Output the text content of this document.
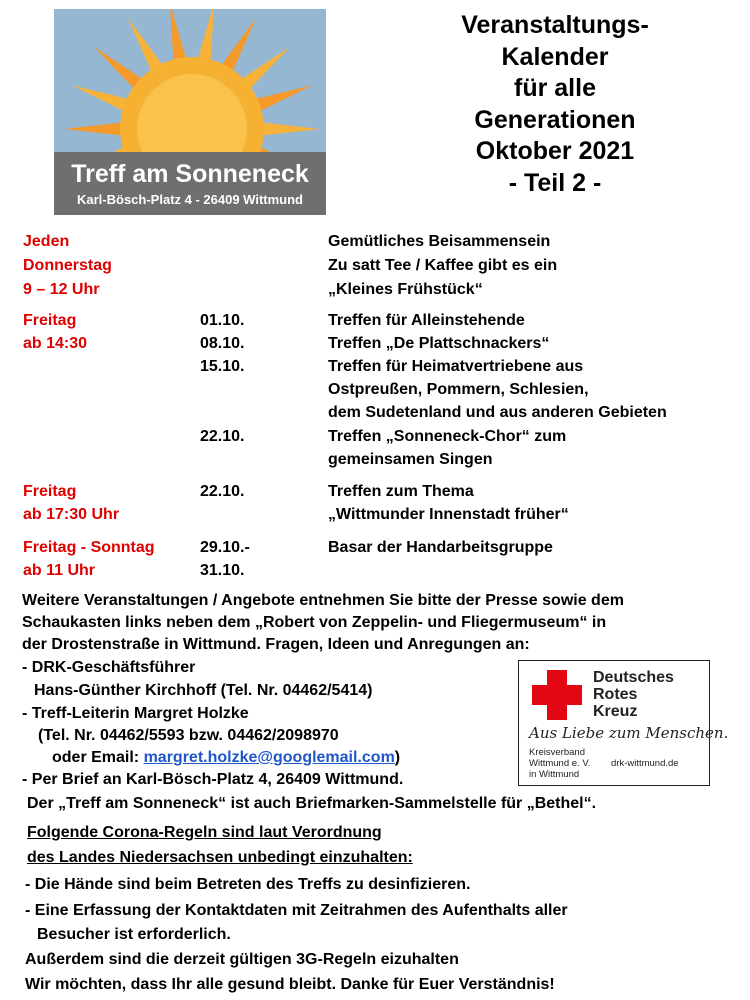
Treff am Sonneneck
Karl-Bösch-Platz 4 - 26409 Wittmund
Veranstaltungs-
Kalender
für alle
Generationen
Oktober 2021
- Teil 2 -
Jeden
Donnerstag
9 – 12 Uhr
Gemütliches Beisammensein
Zu satt Tee / Kaffee gibt es ein
„Kleines Frühstück“
Freitag
ab 14:30
01.10.
08.10.
15.10.
22.10.
Treffen für Alleinstehende
Treffen „De Plattschnackers“
Treffen für Heimatvertriebene aus
Ostpreußen, Pommern, Schlesien,
dem Sudetenland und aus anderen Gebieten
Treffen „Sonneneck-Chor“ zum
gemeinsamen Singen
Freitag
ab 17:30 Uhr
22.10.	Treffen zum Thema
„Wittmunder Innenstadt früher“
Freitag - Sonntag
ab 11 Uhr
29.10.-
31.10.
Basar der Handarbeitsgruppe
Weitere Veranstaltungen / Angebote entnehmen Sie bitte der Presse sowie dem
Schaukasten links neben dem „Robert von Zeppelin- und Fliegermuseum“ in
der Drostenstraße in Wittmund. Fragen, Ideen und Anregungen an:
- DRK-Geschäftsführer
Hans-Günther Kirchhoff (Tel. Nr. 04462/5414)
- Treff-Leiterin Margret Holzke
(Tel. Nr. 04462/5593 bzw. 04462/2098970
oder Email: margret.holzke@googlemail.com)
- Per Brief an Karl-Bösch-Platz 4, 26409 Wittmund.
Der „Treff am Sonneneck“ ist auch Briefmarken-Sammelstelle für „Bethel“.
Folgende Corona-Regeln sind laut Verordnung
des Landes Niedersachsen unbedingt einzuhalten:
- Die Hände sind beim Betreten des Treffs zu desinfizieren.
- Eine Erfassung der Kontaktdaten mit Zeitrahmen des Aufenthalts aller
Besucher ist erforderlich.
Außerdem sind die derzeit gültigen 3G-Regeln eizuhalten
Wir möchten, dass Ihr alle gesund bleibt. Danke für Euer Verständnis!
Deutsches
Rotes
Kreuz
Aus Liebe zum Menschen.
Kreisverband
Wittmund e. V.
in Wittmund
drk-wittmund.de
